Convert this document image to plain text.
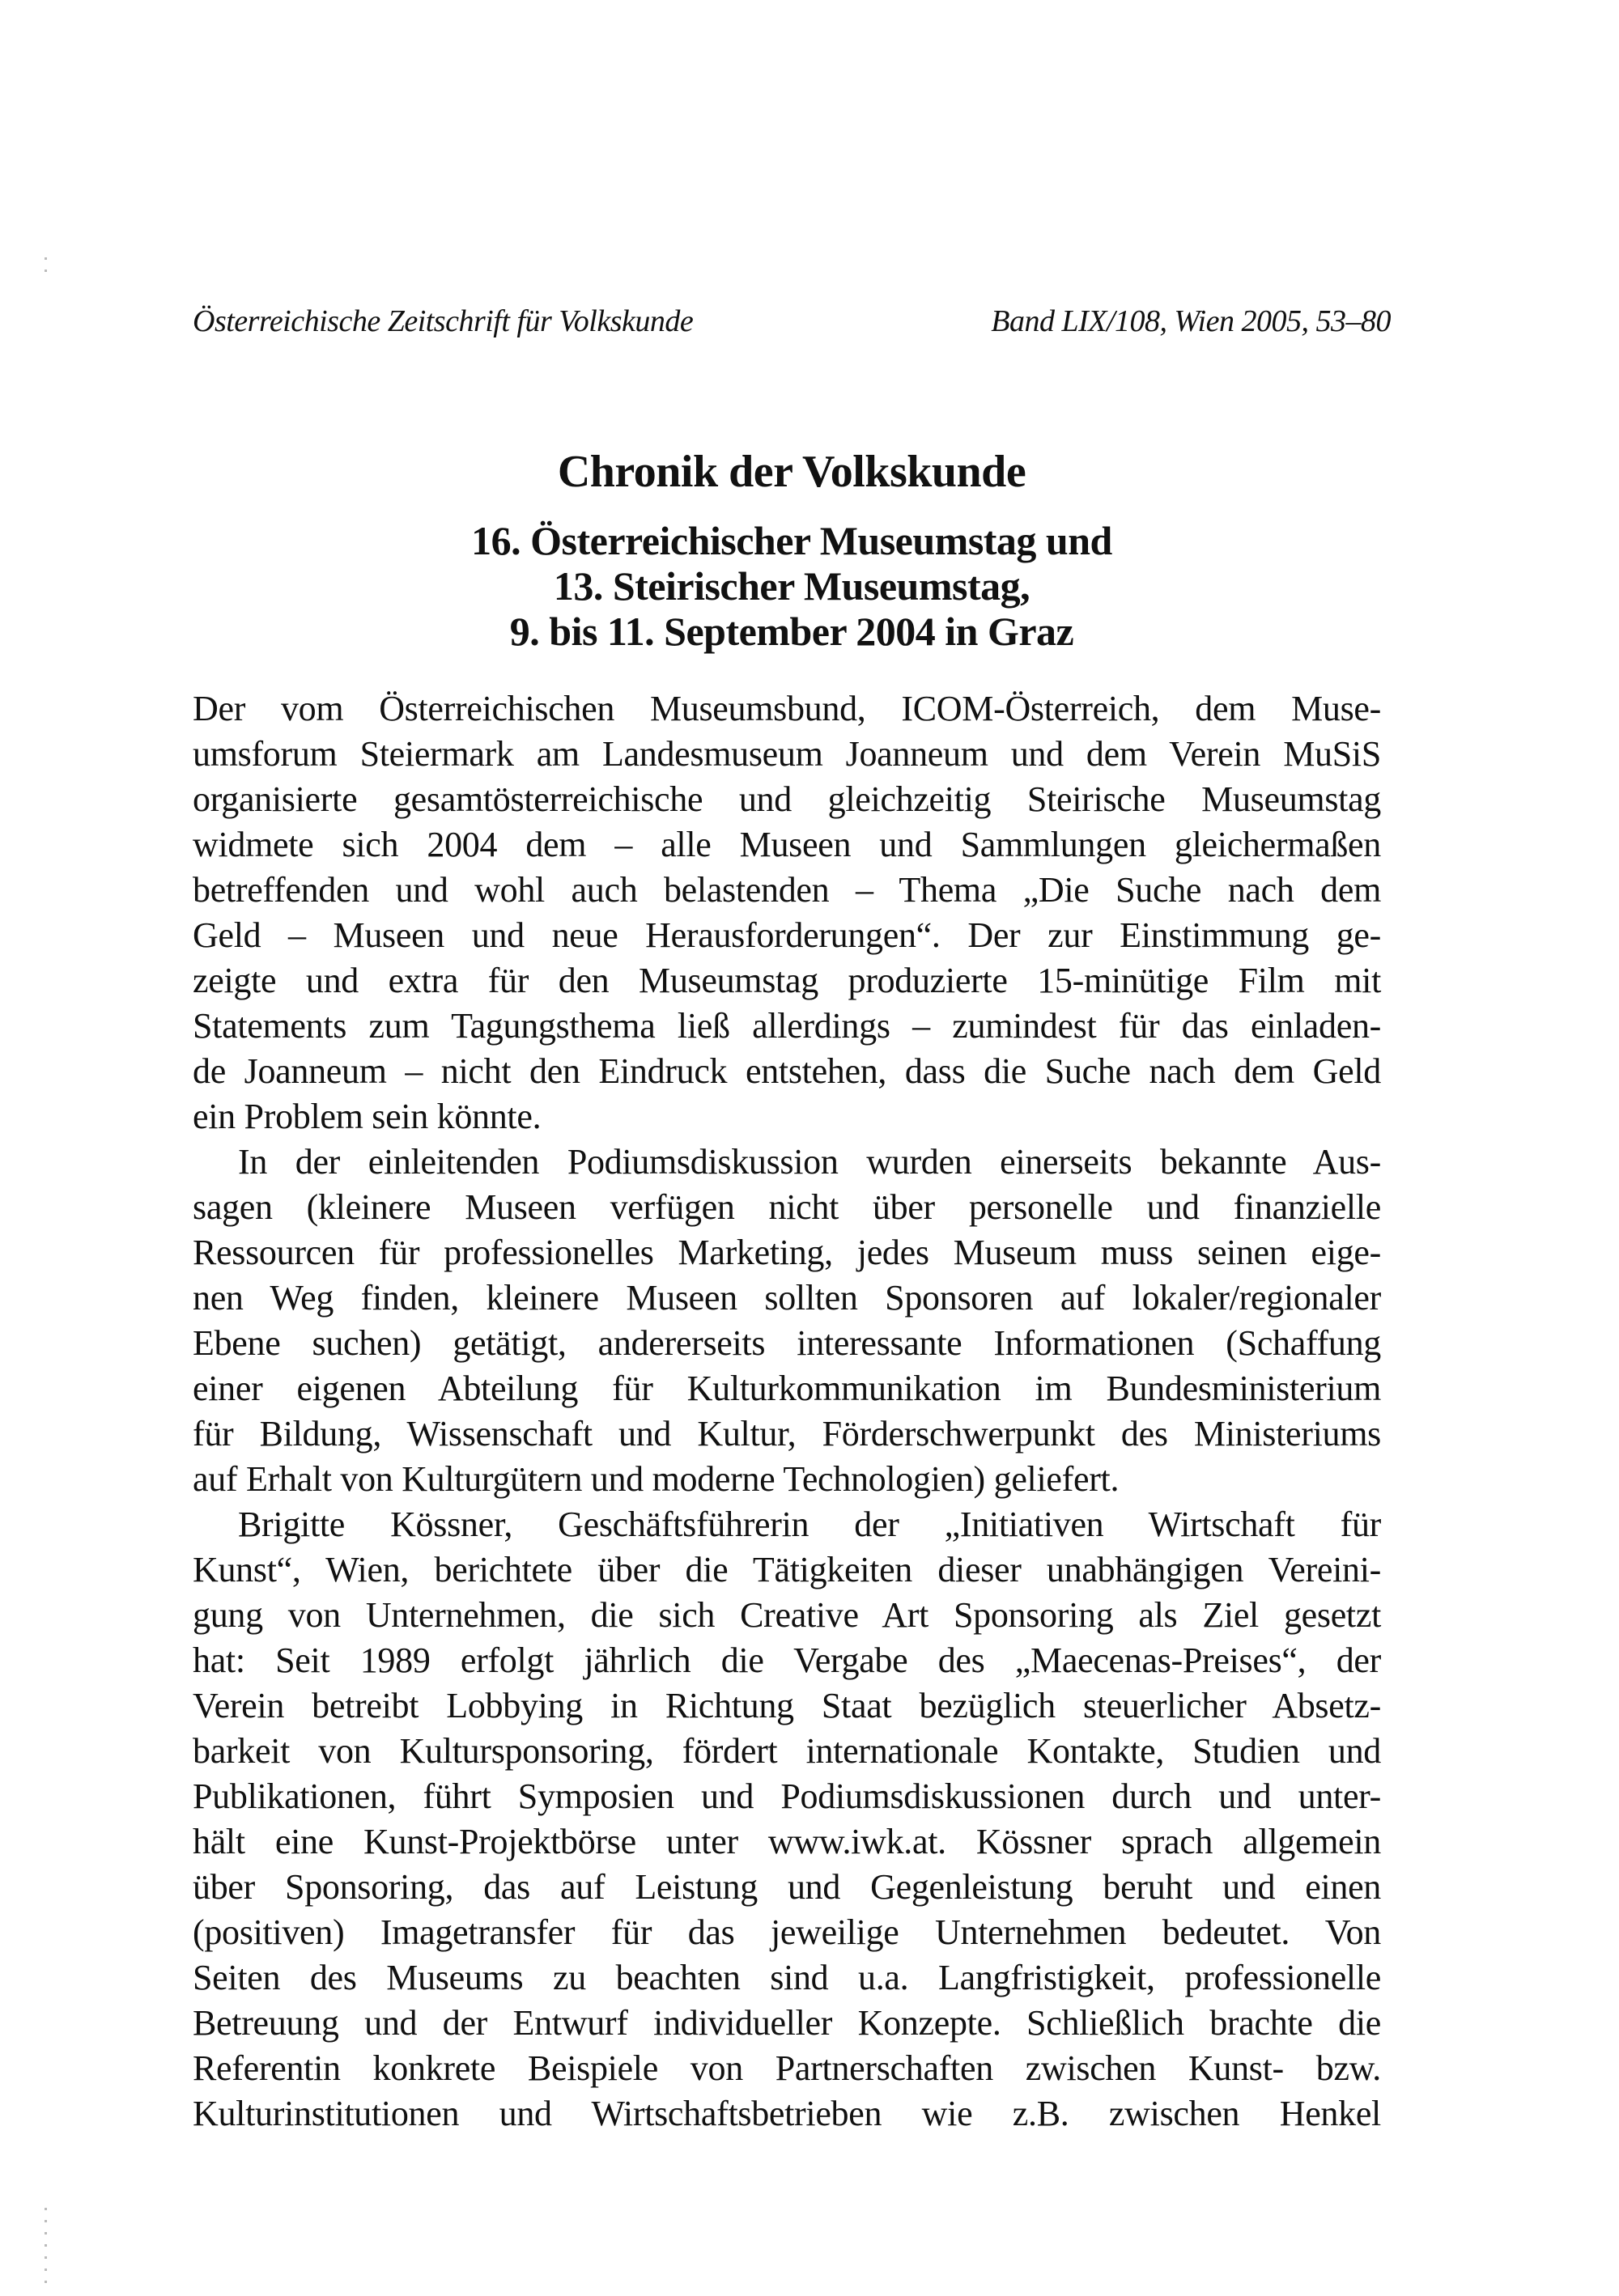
Österreichische Zeitschrift für Volkskunde	Band LIX/108, Wien 2005, 53–80
Chronik der Volkskunde
16. Österreichischer Museumstag und
13. Steirischer Museumstag,
9. bis 11. September 2004 in Graz
Der vom Österreichischen Museumsbund, ICOM-Österreich, dem Muse-
umsforum Steiermark am Landesmuseum Joanneum und dem Verein MuSiS
organisierte gesamtösterreichische und gleichzeitig Steirische Museumstag
widmete sich 2004 dem – alle Museen und Sammlungen gleichermaßen
betreffenden und wohl auch belastenden – Thema „Die Suche nach dem
Geld – Museen und neue Herausforderungen“. Der zur Einstimmung ge-
zeigte und extra für den Museumstag produzierte 15-minütige Film mit
Statements zum Tagungsthema ließ allerdings – zumindest für das einladen-
de Joanneum – nicht den Eindruck entstehen, dass die Suche nach dem Geld
ein Problem sein könnte.
In der einleitenden Podiumsdiskussion wurden einerseits bekannte Aus-
sagen (kleinere Museen verfügen nicht über personelle und finanzielle
Ressourcen für professionelles Marketing, jedes Museum muss seinen eige-
nen Weg finden, kleinere Museen sollten Sponsoren auf lokaler/regionaler
Ebene suchen) getätigt, andererseits interessante Informationen (Schaffung
einer eigenen Abteilung für Kulturkommunikation im Bundesministerium
für Bildung, Wissenschaft und Kultur, Förderschwerpunkt des Ministeriums
auf Erhalt von Kulturgütern und moderne Technologien) geliefert.
Brigitte Kössner, Geschäftsführerin der „Initiativen Wirtschaft für
Kunst“, Wien, berichtete über die Tätigkeiten dieser unabhängigen Vereini-
gung von Unternehmen, die sich Creative Art Sponsoring als Ziel gesetzt
hat: Seit 1989 erfolgt jährlich die Vergabe des „Maecenas-Preises“, der
Verein betreibt Lobbying in Richtung Staat bezüglich steuerlicher Absetz-
barkeit von Kultursponsoring, fördert internationale Kontakte, Studien und
Publikationen, führt Symposien und Podiumsdiskussionen durch und unter-
hält eine Kunst-Projektbörse unter www.iwk.at. Kössner sprach allgemein
über Sponsoring, das auf Leistung und Gegenleistung beruht und einen
(positiven) Imagetransfer für das jeweilige Unternehmen bedeutet. Von
Seiten des Museums zu beachten sind u.a. Langfristigkeit, professionelle
Betreuung und der Entwurf individueller Konzepte. Schließlich brachte die
Referentin konkrete Beispiele von Partnerschaften zwischen Kunst- bzw.
Kulturinstitutionen und Wirtschaftsbetrieben wie z.B. zwischen Henkel
